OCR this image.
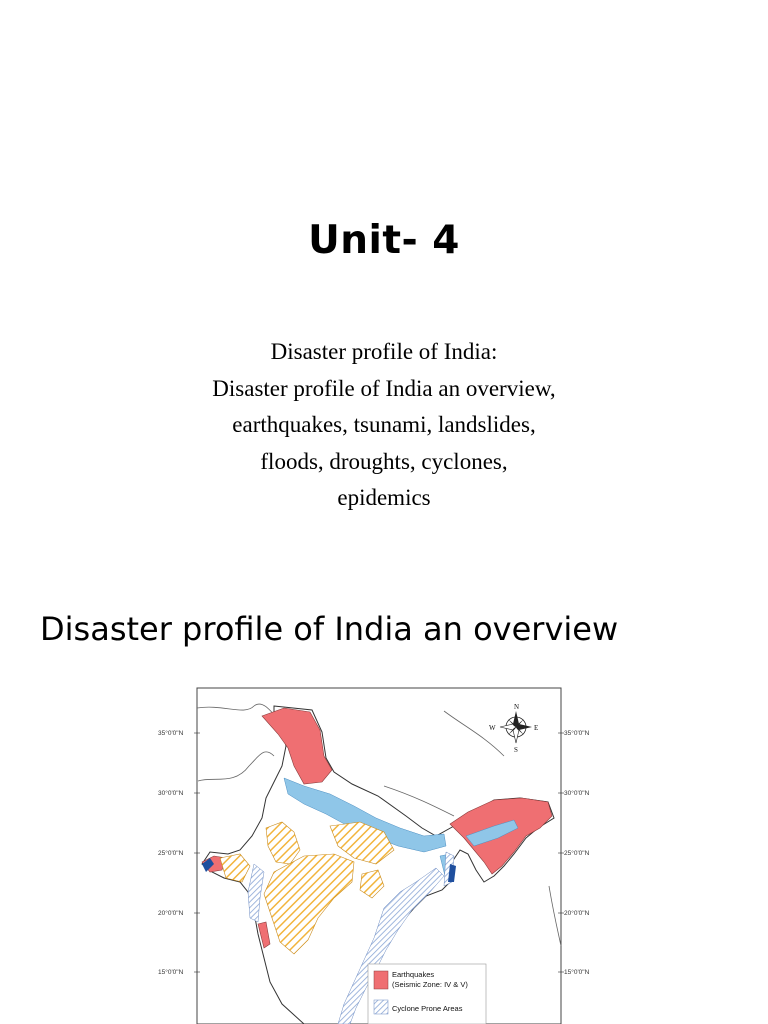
Unit- 4
Disaster profile of India:
Disaster profile of India an overview,
earthquakes, tsunami, landslides,
floods, droughts, cyclones,
epidemics
Disaster profile of India an overview
35°0'0"N
30°0'0"N
25°0'0"N
20°0'0"N
15°0'0"N
35°0'0"N
30°0'0"N
25°0'0"N
20°0'0"N
15°0'0"N
N
S
E
W
Earthquakes
(Seismic Zone: IV & V)
Cyclone Prone Areas
